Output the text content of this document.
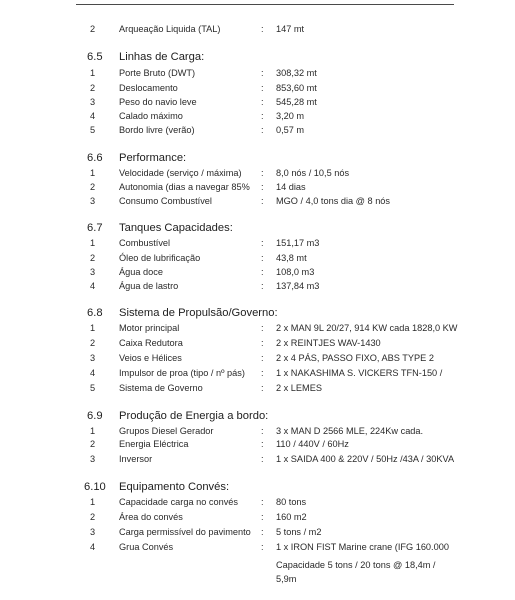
2	Arqueação Liquida (TAL)	: 147 mt
6.5 Linhas de Carga:
1	Porte Bruto (DWT)	: 308,32 mt
2	Deslocamento	: 853,60 mt
3	Peso do navio leve	: 545,28 mt
4	Calado máximo	: 3,20 m
5	Bordo livre (verão)	: 0,57 m
6.6 Performance:
1	Velocidade (serviço / máxima) : 8,0 nós / 10,5 nós
2	Autonomia (dias a navegar 85% : 14 dias
3	Consumo Combustível	: MGO / 4,0 tons dia @ 8 nós
6.7 Tanques Capacidades:
1	Combustível	: 151,17 m3
2	Óleo de lubrificação	: 43,8 mt
3	Água doce	: 108,0 m3
4	Água de lastro	: 137,84 m3
6.8 Sistema de Propulsão/Governo:
1	Motor principal	: 2 x MAN 9L 20/27, 914 KW cada 1828,0 KW
2	Caixa Redutora	: 2 x REINTJES WAV-1430
3	Veios e Hélices	: 2 x 4 PÁS, PASSO FIXO, ABS TYPE 2
4	Impulsor de proa (tipo / nº pás) : 1 x NAKASHIMA S. VICKERS TFN-150 /
5	Sistema de Governo	: 2 x LEMES
6.9 Produção de Energia a bordo:
1	Grupos Diesel Gerador	: 3 x MAN D 2566 MLE, 224Kw cada.
2	Energia Eléctrica	: 110 / 440V / 60Hz
3	Inversor	: 1 x SAIDA 400 & 220V / 50Hz /43A / 30KVA
6.10 Equipamento Convés:
1	Capacidade carga no convés : 80 tons
2	Área do convés	: 160 m2
3	Carga permissível do pavimento : 5 tons / m2
4	Grua Convés	: 1 x IRON FIST Marine crane (IFG 160.000
Capacidade 5 tons / 20 tons @ 18,4m /
5,9m
